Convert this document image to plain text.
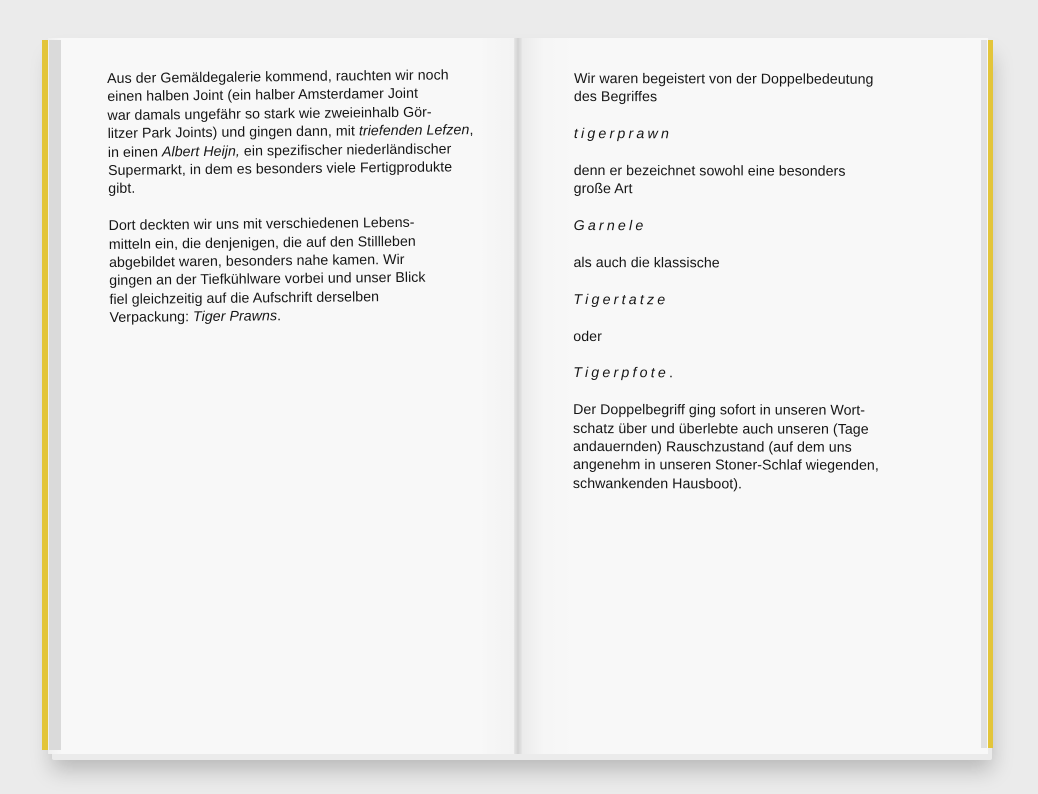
Aus der Gemäldegalerie kommend, rauchten wir noch
einen halben Joint (ein halber Amsterdamer Joint
war damals ungefähr so stark wie zweieinhalb Gör-
litzer Park Joints) und gingen dann, mit triefenden Lefzen, in einen Albert Heijn, ein spezifischer niederländischer Supermarkt, in dem es besonders viele Fertigprodukte gibt.

Dort deckten wir uns mit verschiedenen Lebens-
mitteln ein, die denjenigen, die auf den Stillleben
abgebildet waren, besonders nahe kamen. Wir
gingen an der Tiefkühlware vorbei und unser Blick
fiel gleichzeitig auf die Aufschrift derselben
Verpackung: Tiger Prawns.

Wir waren begeistert von der Doppelbedeutung
des Begriffes

tigerprawn

denn er bezeichnet sowohl eine besonders
große Art

Garnele

als auch die klassische

Tigertatze

oder

Tigerpfote.

Der Doppelbegriff ging sofort in unseren Wort-
schatz über und überlebte auch unseren (Tage
andauernden) Rauschzustand (auf dem uns
angenehm in unseren Stoner-Schlaf wiegenden,
schwankenden Hausboot).
